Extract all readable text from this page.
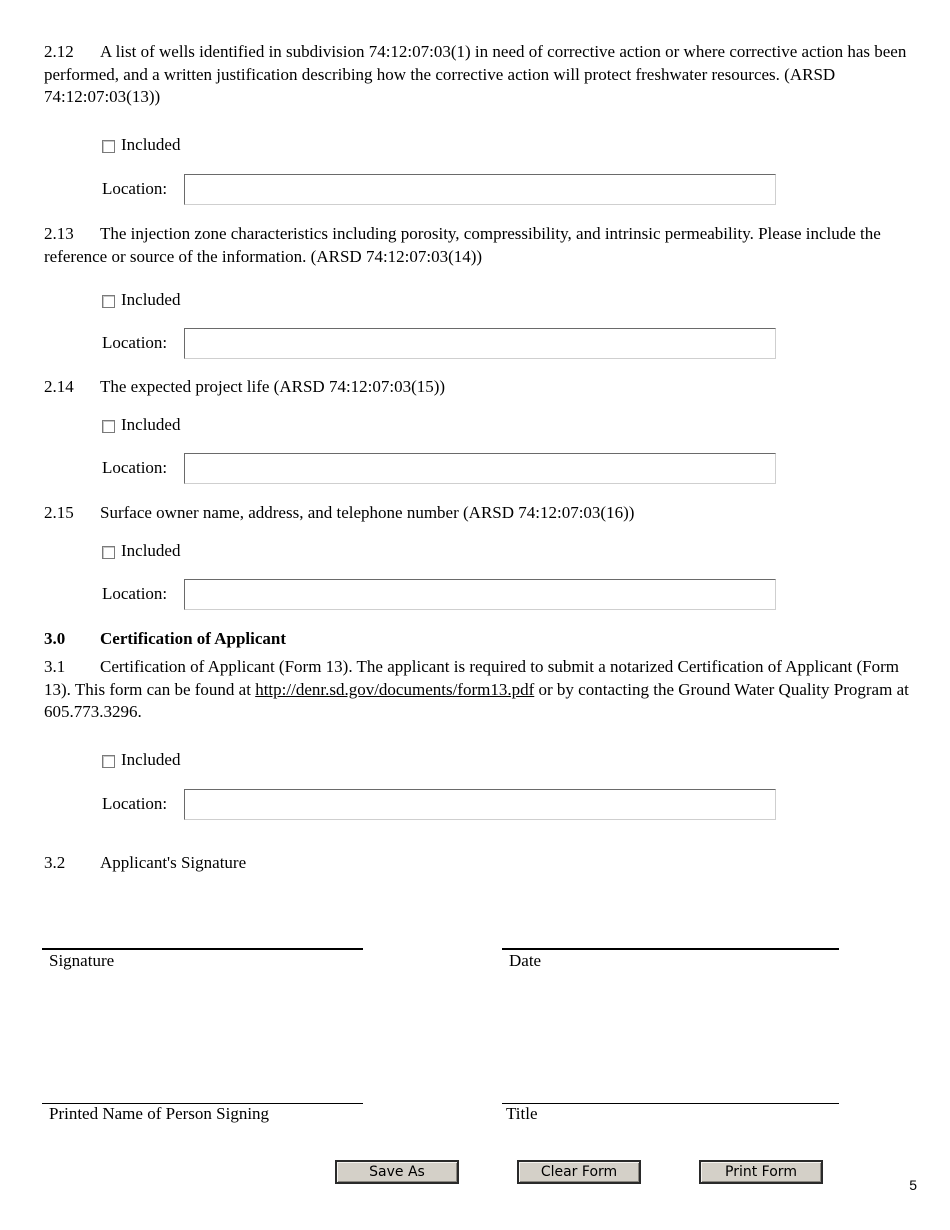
2.12 A list of wells identified in subdivision 74:12:07:03(1) in need of corrective action or where corrective action has been performed, and a written justification describing how the corrective action will protect freshwater resources. (ARSD 74:12:07:03(13))
Included
Location:
2.13 The injection zone characteristics including porosity, compressibility, and intrinsic permeability. Please include the reference or source of the information. (ARSD 74:12:07:03(14))
Included
Location:
2.14 The expected project life (ARSD 74:12:07:03(15))
Included
Location:
2.15 Surface owner name, address, and telephone number (ARSD 74:12:07:03(16))
Included
Location:
3.0 Certification of Applicant
3.1 Certification of Applicant (Form 13). The applicant is required to submit a notarized Certification of Applicant (Form 13). This form can be found at http://denr.sd.gov/documents/form13.pdf or by contacting the Ground Water Quality Program at 605.773.3296.
Included
Location:
3.2 Applicant's Signature
Signature	Date
Printed Name of Person Signing	Title
Save As	Clear Form	Print Form
5
